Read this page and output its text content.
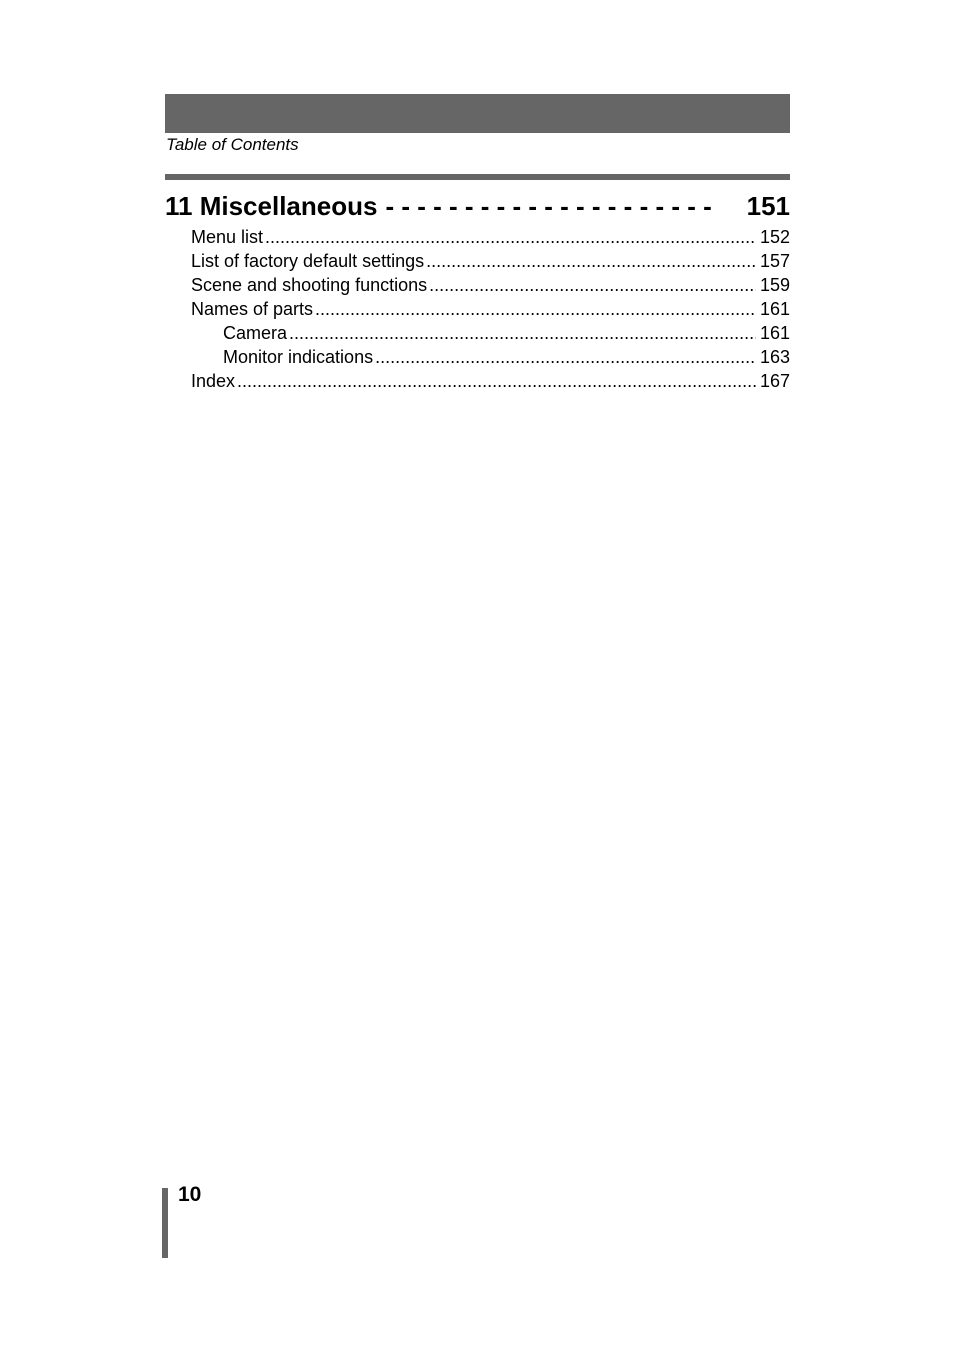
Table of Contents
11 Miscellaneous - - - - - - - - - - - - - - - - - - - - -	151
Menu list .....	152
List of factory default settings .....	157
Scene and shooting functions .....	159
Names of parts .....	161
Camera .....	161
Monitor indications .....	163
Index .....	167
10
